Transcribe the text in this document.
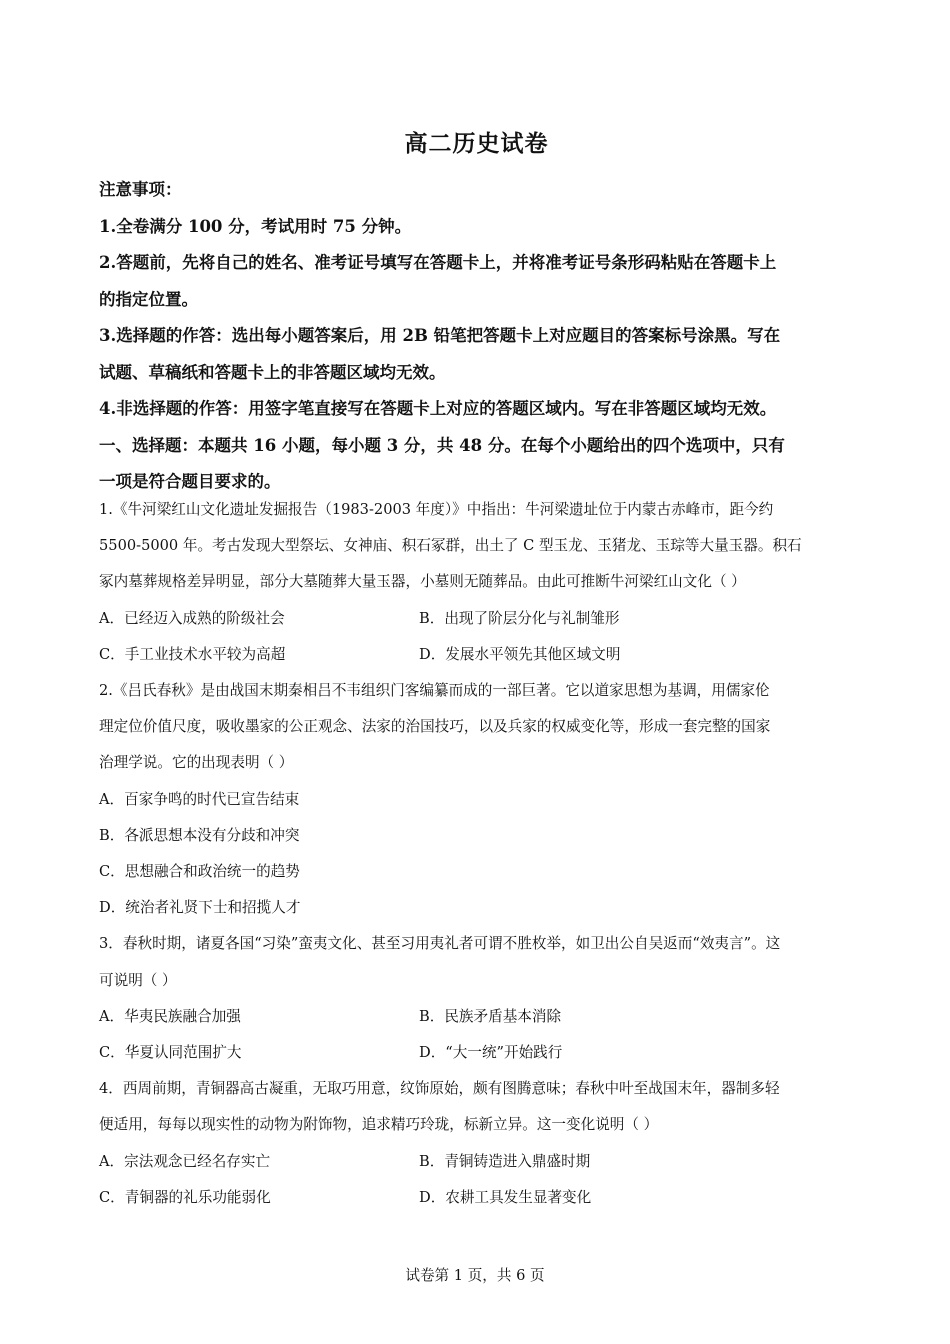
高二历史试卷
注意事项：
1.全卷满分 100 分，考试用时 75 分钟。
2.答题前，先将自己的姓名、准考证号填写在答题卡上，并将准考证号条形码粘贴在答题卡上
的指定位置。
3.选择题的作答：选出每小题答案后，用 2B 铅笔把答题卡上对应题目的答案标号涂黑。写在
试题、草稿纸和答题卡上的非答题区域均无效。
4.非选择题的作答：用签字笔直接写在答题卡上对应的答题区域内。写在非答题区域均无效。
一、选择题：本题共 16 小题，每小题 3 分，共 48 分。在每个小题给出的四个选项中，只有
一项是符合题目要求的。
1.《牛河梁红山文化遗址发掘报告（1983-2003 年度）》中指出：牛河梁遗址位于内蒙古赤峰市，距今约
5500-5000 年。考古发现大型祭坛、女神庙、积石冢群，出土了 C 型玉龙、玉猪龙、玉琮等大量玉器。积石
冢内墓葬规格差异明显，部分大墓随葬大量玉器，小墓则无随葬品。由此可推断牛河梁红山文化（ ）
A．已经迈入成熟的阶级社会	B．出现了阶层分化与礼制雏形
C．手工业技术水平较为高超	D．发展水平领先其他区域文明
2.《吕氏春秋》是由战国末期秦相吕不韦组织门客编纂而成的一部巨著。它以道家思想为基调，用儒家伦
理定位价值尺度，吸收墨家的公正观念、法家的治国技巧，以及兵家的权威变化等，形成一套完整的国家
治理学说。它的出现表明（ ）
A．百家争鸣的时代已宣告结束
B．各派思想本没有分歧和冲突
C．思想融合和政治统一的趋势
D．统治者礼贤下士和招揽人才
3．春秋时期，诸夏各国“习染”蛮夷文化、甚至习用夷礼者可谓不胜枚举，如卫出公自吴返而“效夷言”。这
可说明（ ）
A．华夷民族融合加强	B．民族矛盾基本消除
C．华夏认同范围扩大	D．“大一统”开始践行
4．西周前期，青铜器高古凝重，无取巧用意，纹饰原始，颇有图腾意味；春秋中叶至战国末年，器制多轻
便适用，每每以现实性的动物为附饰物，追求精巧玲珑，标新立异。这一变化说明（ ）
A．宗法观念已经名存实亡	B．青铜铸造进入鼎盛时期
C．青铜器的礼乐功能弱化	D．农耕工具发生显著变化
试卷第 1 页，共 6 页
